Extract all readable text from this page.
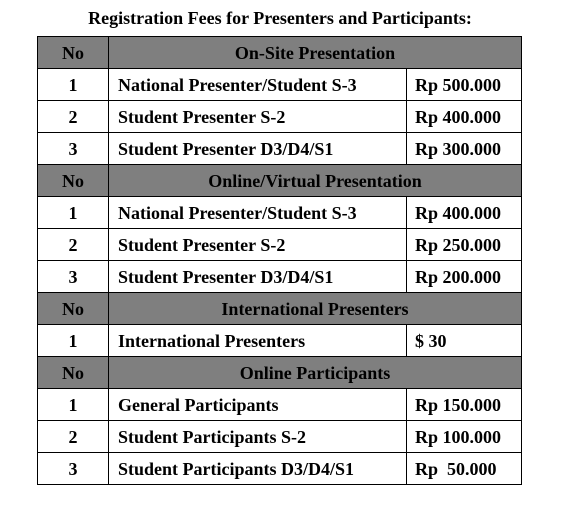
Registration Fees for Presenters and Participants:
No	On-Site Presentation	
1	National Presenter/Student S-3	Rp 500.000
2	Student Presenter S-2	Rp 400.000
3	Student Presenter D3/D4/S1	Rp 300.000
No	Online/Virtual Presentation	
1	National Presenter/Student S-3	Rp 400.000
2	Student Presenter S-2	Rp 250.000
3	Student Presenter D3/D4/S1	Rp 200.000
No	International Presenters	
1	International Presenters	$ 30
No	Online Participants	
1	General Participants	Rp 150.000
2	Student Participants S-2	Rp 100.000
3	Student Participants D3/D4/S1	Rp  50.000
